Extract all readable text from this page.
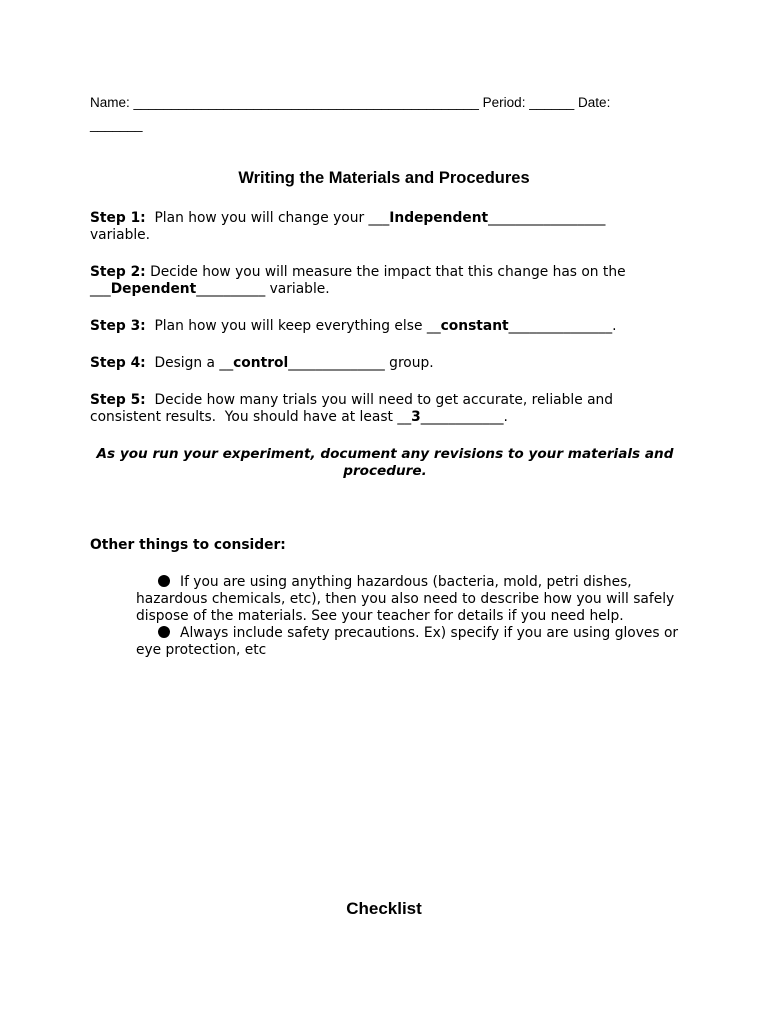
Name: ______________________________________________ Period: ______ Date:
_______
Writing the Materials and Procedures
Step 1:  Plan how you will change your ___Independent_________________ variable.
Step 2: Decide how you will measure the impact that this change has on the ___Dependent__________ variable.
Step 3:  Plan how you will keep everything else __constant_______________.
Step 4:  Design a __control______________ group.
Step 5:  Decide how many trials you will need to get accurate, reliable and consistent results.  You should have at least __3____________.
As you run your experiment, document any revisions to your materials and procedure.
Other things to consider:
If you are using anything hazardous (bacteria, mold, petri dishes, hazardous chemicals, etc), then you also need to describe how you will safely dispose of the materials. See your teacher for details if you need help.
Always include safety precautions. Ex) specify if you are using gloves or eye protection, etc
Checklist
